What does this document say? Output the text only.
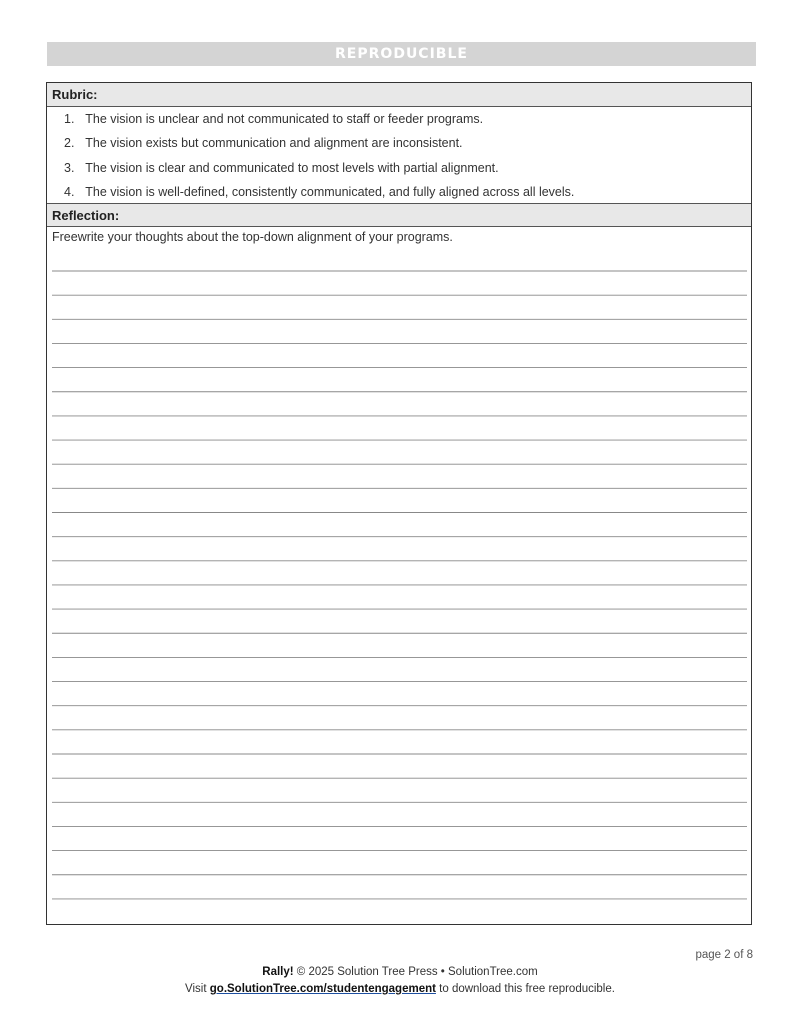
REPRODUCIBLE
Rubric:
1. The vision is unclear and not communicated to staff or feeder programs.
2. The vision exists but communication and alignment are inconsistent.
3. The vision is clear and communicated to most levels with partial alignment.
4. The vision is well-defined, consistently communicated, and fully aligned across all levels.
Reflection:
Freewrite your thoughts about the top-down alignment of your programs.
page 2 of 8
Rally! © 2025 Solution Tree Press • SolutionTree.com
Visit go.SolutionTree.com/studentengagement to download this free reproducible.
